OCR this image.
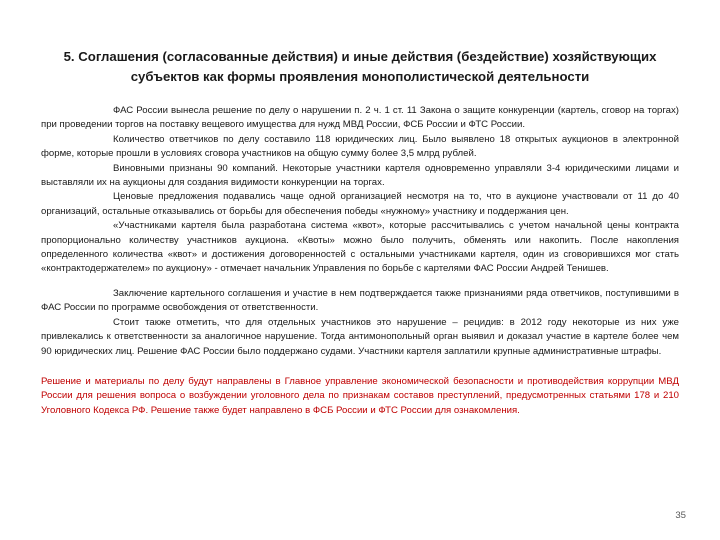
5. Соглашения (согласованные действия) и иные действия (бездействие) хозяйствующих
субъектов как формы проявления монополистической деятельности

ФАС России вынесла решение по делу о нарушении п. 2 ч. 1 ст. 11 Закона о защите конкуренции (картель, сговор на торгах) при проведении торгов на поставку вещевого имущества для нужд МВД России, ФСБ России и ФТС России.

Количество ответчиков по делу составило 118 юридических лиц. Было выявлено 18 открытых аукционов в электронной форме, которые прошли в условиях сговора участников на общую сумму более 3,5 млрд рублей.

Виновными признаны 90 компаний. Некоторые участники картеля одновременно управляли 3-4 юридическими лицами и выставляли их на аукционы для создания видимости конкуренции на торгах.

Ценовые предложения подавались чаще одной организацией несмотря на то, что в аукционе участвовали от 11 до 40 организаций, остальные отказывались от борьбы для обеспечения победы «нужному» участнику и поддержания цен.

«Участниками картеля была разработана система «квот», которые рассчитывались с учетом начальной цены контракта пропорционально количеству участников аукциона. «Квоты» можно было получить, обменять или накопить. После накопления определенного количества «квот» и достижения договоренностей с остальными участниками картеля, один из сговорившихся мог стать «контрактодержателем» по аукциону» - отмечает начальник Управления по борьбе с картелями ФАС России Андрей Тенишев.

Заключение картельного соглашения и участие в нем подтверждается также признаниями ряда ответчиков, поступившими в ФАС России по программе освобождения от ответственности.

Стоит также отметить, что для отдельных участников это нарушение – рецидив: в 2012 году некоторые из них уже привлекались к ответственности за аналогичное нарушение. Тогда антимонопольный орган выявил и доказал участие в картеле более чем 90 юридических лиц. Решение ФАС России было поддержано судами. Участники картеля заплатили крупные административные штрафы.

Решение и материалы по делу будут направлены в Главное управление экономической безопасности и противодействия коррупции МВД России для решения вопроса о возбуждении уголовного дела по признакам составов преступлений, предусмотренных статьями 178 и 210 Уголовного Кодекса РФ. Решение также будет направлено в ФСБ России и ФТС России для ознакомления.

35
